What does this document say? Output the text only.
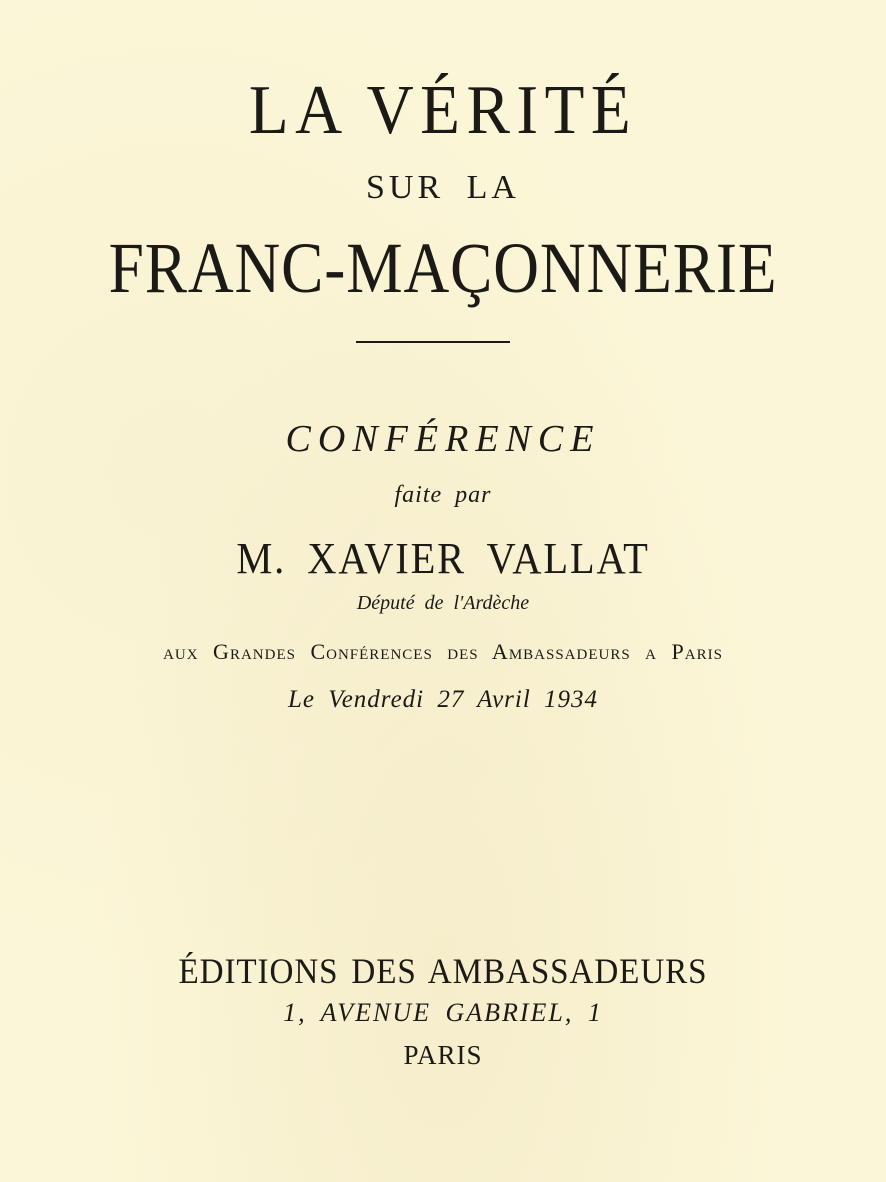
LA VÉRITÉ
SUR LA
FRANC-MAÇONNERIE
CONFÉRENCE
faite par
M. XAVIER VALLAT
Député de l'Ardèche
aux Grandes Conférences des Ambassadeurs a Paris
Le Vendredi 27 Avril 1934
ÉDITIONS DES AMBASSADEURS
1, AVENUE GABRIEL, 1
PARIS
